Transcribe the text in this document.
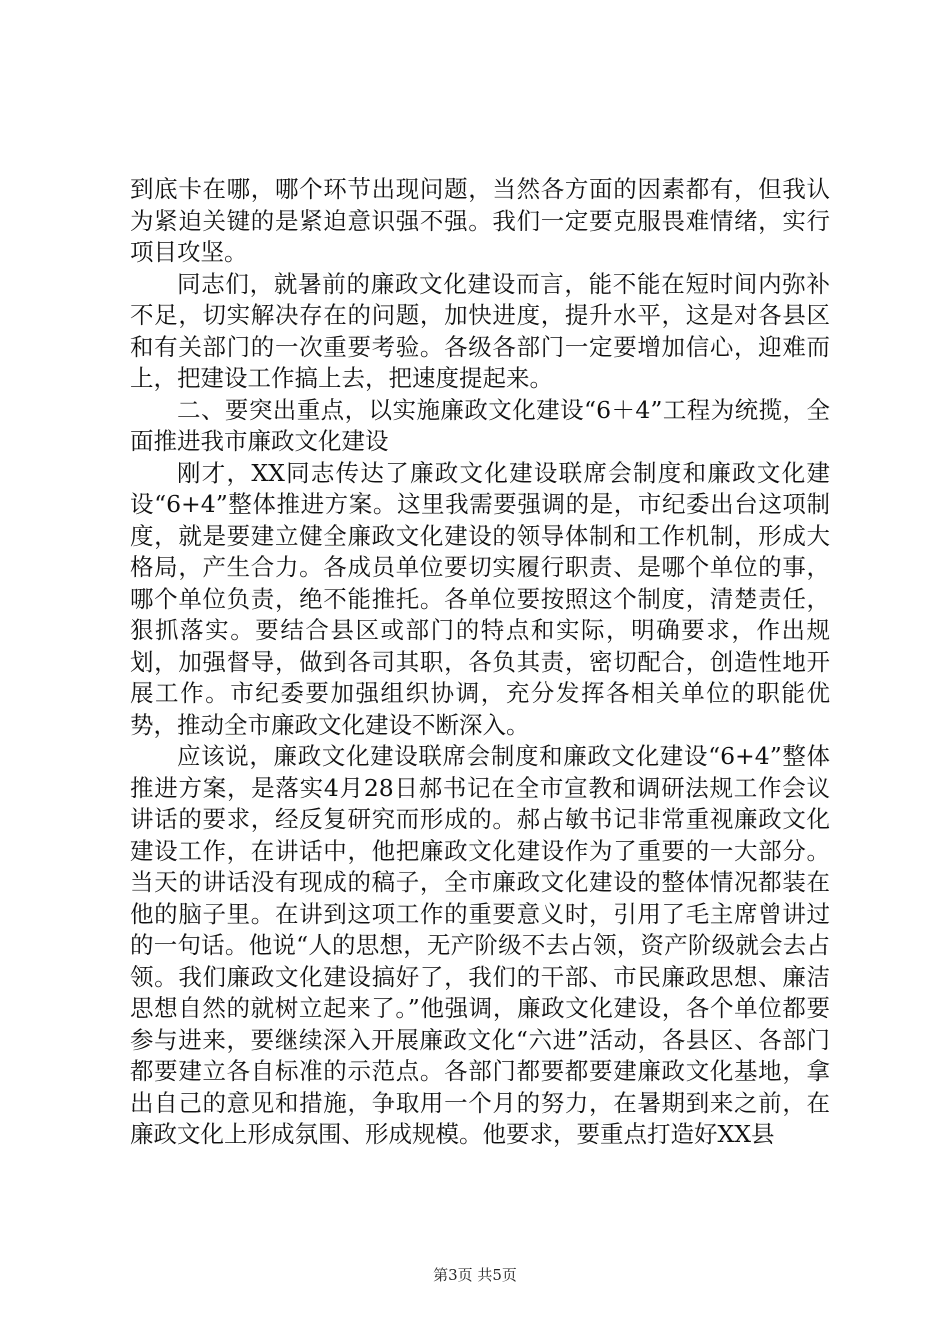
到底卡在哪，哪个环节出现问题，当然各方面的因素都有，但我认为紧迫关键的是紧迫意识强不强。我们一定要克服畏难情绪，实行项目攻坚。

同志们，就暑前的廉政文化建设而言，能不能在短时间内弥补不足，切实解决存在的问题，加快进度，提升水平，这是对各县区和有关部门的一次重要考验。各级各部门一定要增加信心，迎难而上，把建设工作搞上去，把速度提起来。

二、要突出重点，以实施廉政文化建设“6＋4”工程为统揽，全面推进我市廉政文化建设

刚才，XX同志传达了廉政文化建设联席会制度和廉政文化建设“6+4”整体推进方案。这里我需要强调的是，市纪委出台这项制度，就是要建立健全廉政文化建设的领导体制和工作机制，形成大格局，产生合力。各成员单位要切实履行职责、是哪个单位的事，哪个单位负责，绝不能推托。各单位要按照这个制度，清楚责任，狠抓落实。要结合县区或部门的特点和实际，明确要求，作出规划，加强督导，做到各司其职，各负其责，密切配合，创造性地开展工作。市纪委要加强组织协调，充分发挥各相关单位的职能优势，推动全市廉政文化建设不断深入。

应该说，廉政文化建设联席会制度和廉政文化建设“6+4”整体推进方案，是落实4月28日郝书记在全市宣教和调研法规工作会议讲话的要求，经反复研究而形成的。郝占敏书记非常重视廉政文化建设工作，在讲话中，他把廉政文化建设作为了重要的一大部分。当天的讲话没有现成的稿子，全市廉政文化建设的整体情况都装在他的脑子里。在讲到这项工作的重要意义时，引用了毛主席曾讲过的一句话。他说“人的思想，无产阶级不去占领，资产阶级就会去占领。我们廉政文化建设搞好了，我们的干部、市民廉政思想、廉洁思想自然的就树立起来了。”他强调，廉政文化建设，各个单位都要参与进来，要继续深入开展廉政文化“六进”活动，各县区、各部门都要建立各自标准的示范点。各部门都要都要建廉政文化基地，拿出自己的意见和措施，争取用一个月的努力，在暑期到来之前，在廉政文化上形成氛围、形成规模。他要求，要重点打造好XX县

第3页 共5页
